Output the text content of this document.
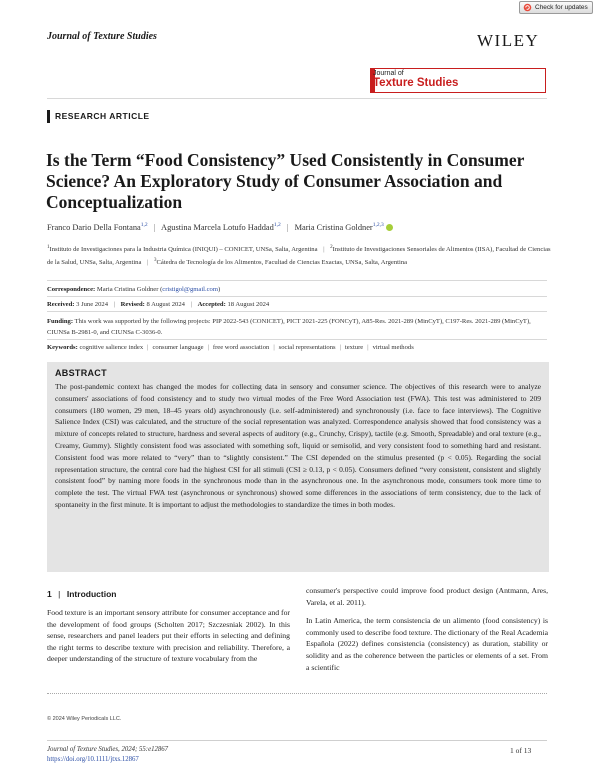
Check for updates
Journal of Texture Studies	WILEY
Journal of
Texture Studies
RESEARCH ARTICLE
Is the Term “Food Consistency” Used Consistently in Consumer Science? An Exploratory Study of Consumer Association and Conceptualization
Franco Dario Della Fontana$^{1,2}$ | Agustina Marcela Lotufo Haddad$^{1,2}$ | Maria Cristina Goldner$^{1,2,3}$
$^1$Instituto de Investigaciones para la Industria Química (INIQUI) – CONICET, UNSa, Salta, Argentina | $^2$Instituto de Investigaciones Sensoriales de Alimentos (IISA), Facultad de Ciencias de la Salud, UNSa, Salta, Argentina | $^3$Cátedra de Tecnología de los Alimentos, Facultad de Ciencias Exactas, UNSa, Salta, Argentina
Correspondence: Maria Cristina Goldner (cristigol@gmail.com)
Received: 3 June 2024 | Revised: 8 August 2024 | Accepted: 18 August 2024
Funding: This work was supported by the following projects: PIP 2022-543 (CONICET), PICT 2021-225 (FONCyT), A85-Res. 2021-289 (MinCyT), C197-Res. 2021-289 (MinCyT), CIUNSa B-2981-0, and CIUNSa C-3036-0.
Keywords: cognitive salience index | consumer language | free word association | social representations | texture | virtual methods
ABSTRACT
The post-pandemic context has changed the modes for collecting data in sensory and consumer science. The objectives of this research were to analyze consumers' associations of food consistency and to study two virtual modes of the Free Word Association test (FWA). This test was administered to 209 consumers (180 women, 29 men, 18–45 years old) asynchronously (i.e. self-administered) and synchronously (i.e. face to face interviews). The Cognitive Salience Index (CSI) was calculated, and the structure of the social representation was analyzed. Correspondence analysis showed that food consistency was a mixture of concepts related to structure, hardness and several aspects of auditory (e.g., Crunchy, Crispy), tactile (e.g. Smooth, Spreadable) and oral texture (e.g., Creamy, Gummy). Slightly consistent food was associated with something soft, liquid or semisolid, and very consistent food to something hard and resistant. Consistent food was more related to “very” than to “slightly consistent.” The CSI depended on the stimulus presented (p < 0.05). Regarding the social representation structure, the central core had the highest CSI for all stimuli (CSI ≥ 0.13, p < 0.05). Consumers defined “very consistent, consistent and slightly consistent food” by naming more foods in the synchronous mode than in the asynchronous one. In the asynchronous mode, consumers took more time to complete the test. The virtual FWA test (asynchronous or synchronous) showed some differences in the associations of term consistency, due to the lack of spontaneity in the first minute. It is important to adjust the methodologies to standardize the times in both modes.
1 | Introduction

Food texture is an important sensory attribute for consumer acceptance and for the development of food groups (Scholten 2017; Szczesniak 2002). In this sense, researchers and panel leaders put their efforts in selecting and defining the right terms to describe texture with precision and reliability. Therefore, a deeper understanding of the structure of texture vocabulary from the

consumer's perspective could improve food product design (Antmann, Ares, Varela, et al. 2011).

In Latin America, the term consistencia de un alimento (food consistency) is commonly used to describe food texture. The dictionary of the Real Academia Española (2022) defines consistencia (consistency) as duration, stability or solidity and as the coherence between the particles or elements of a set. From a scientific

© 2024 Wiley Periodicals LLC.
Journal of Texture Studies, 2024; 55:e12867
https://doi.org/10.1111/jtxs.12867
1 of 13
